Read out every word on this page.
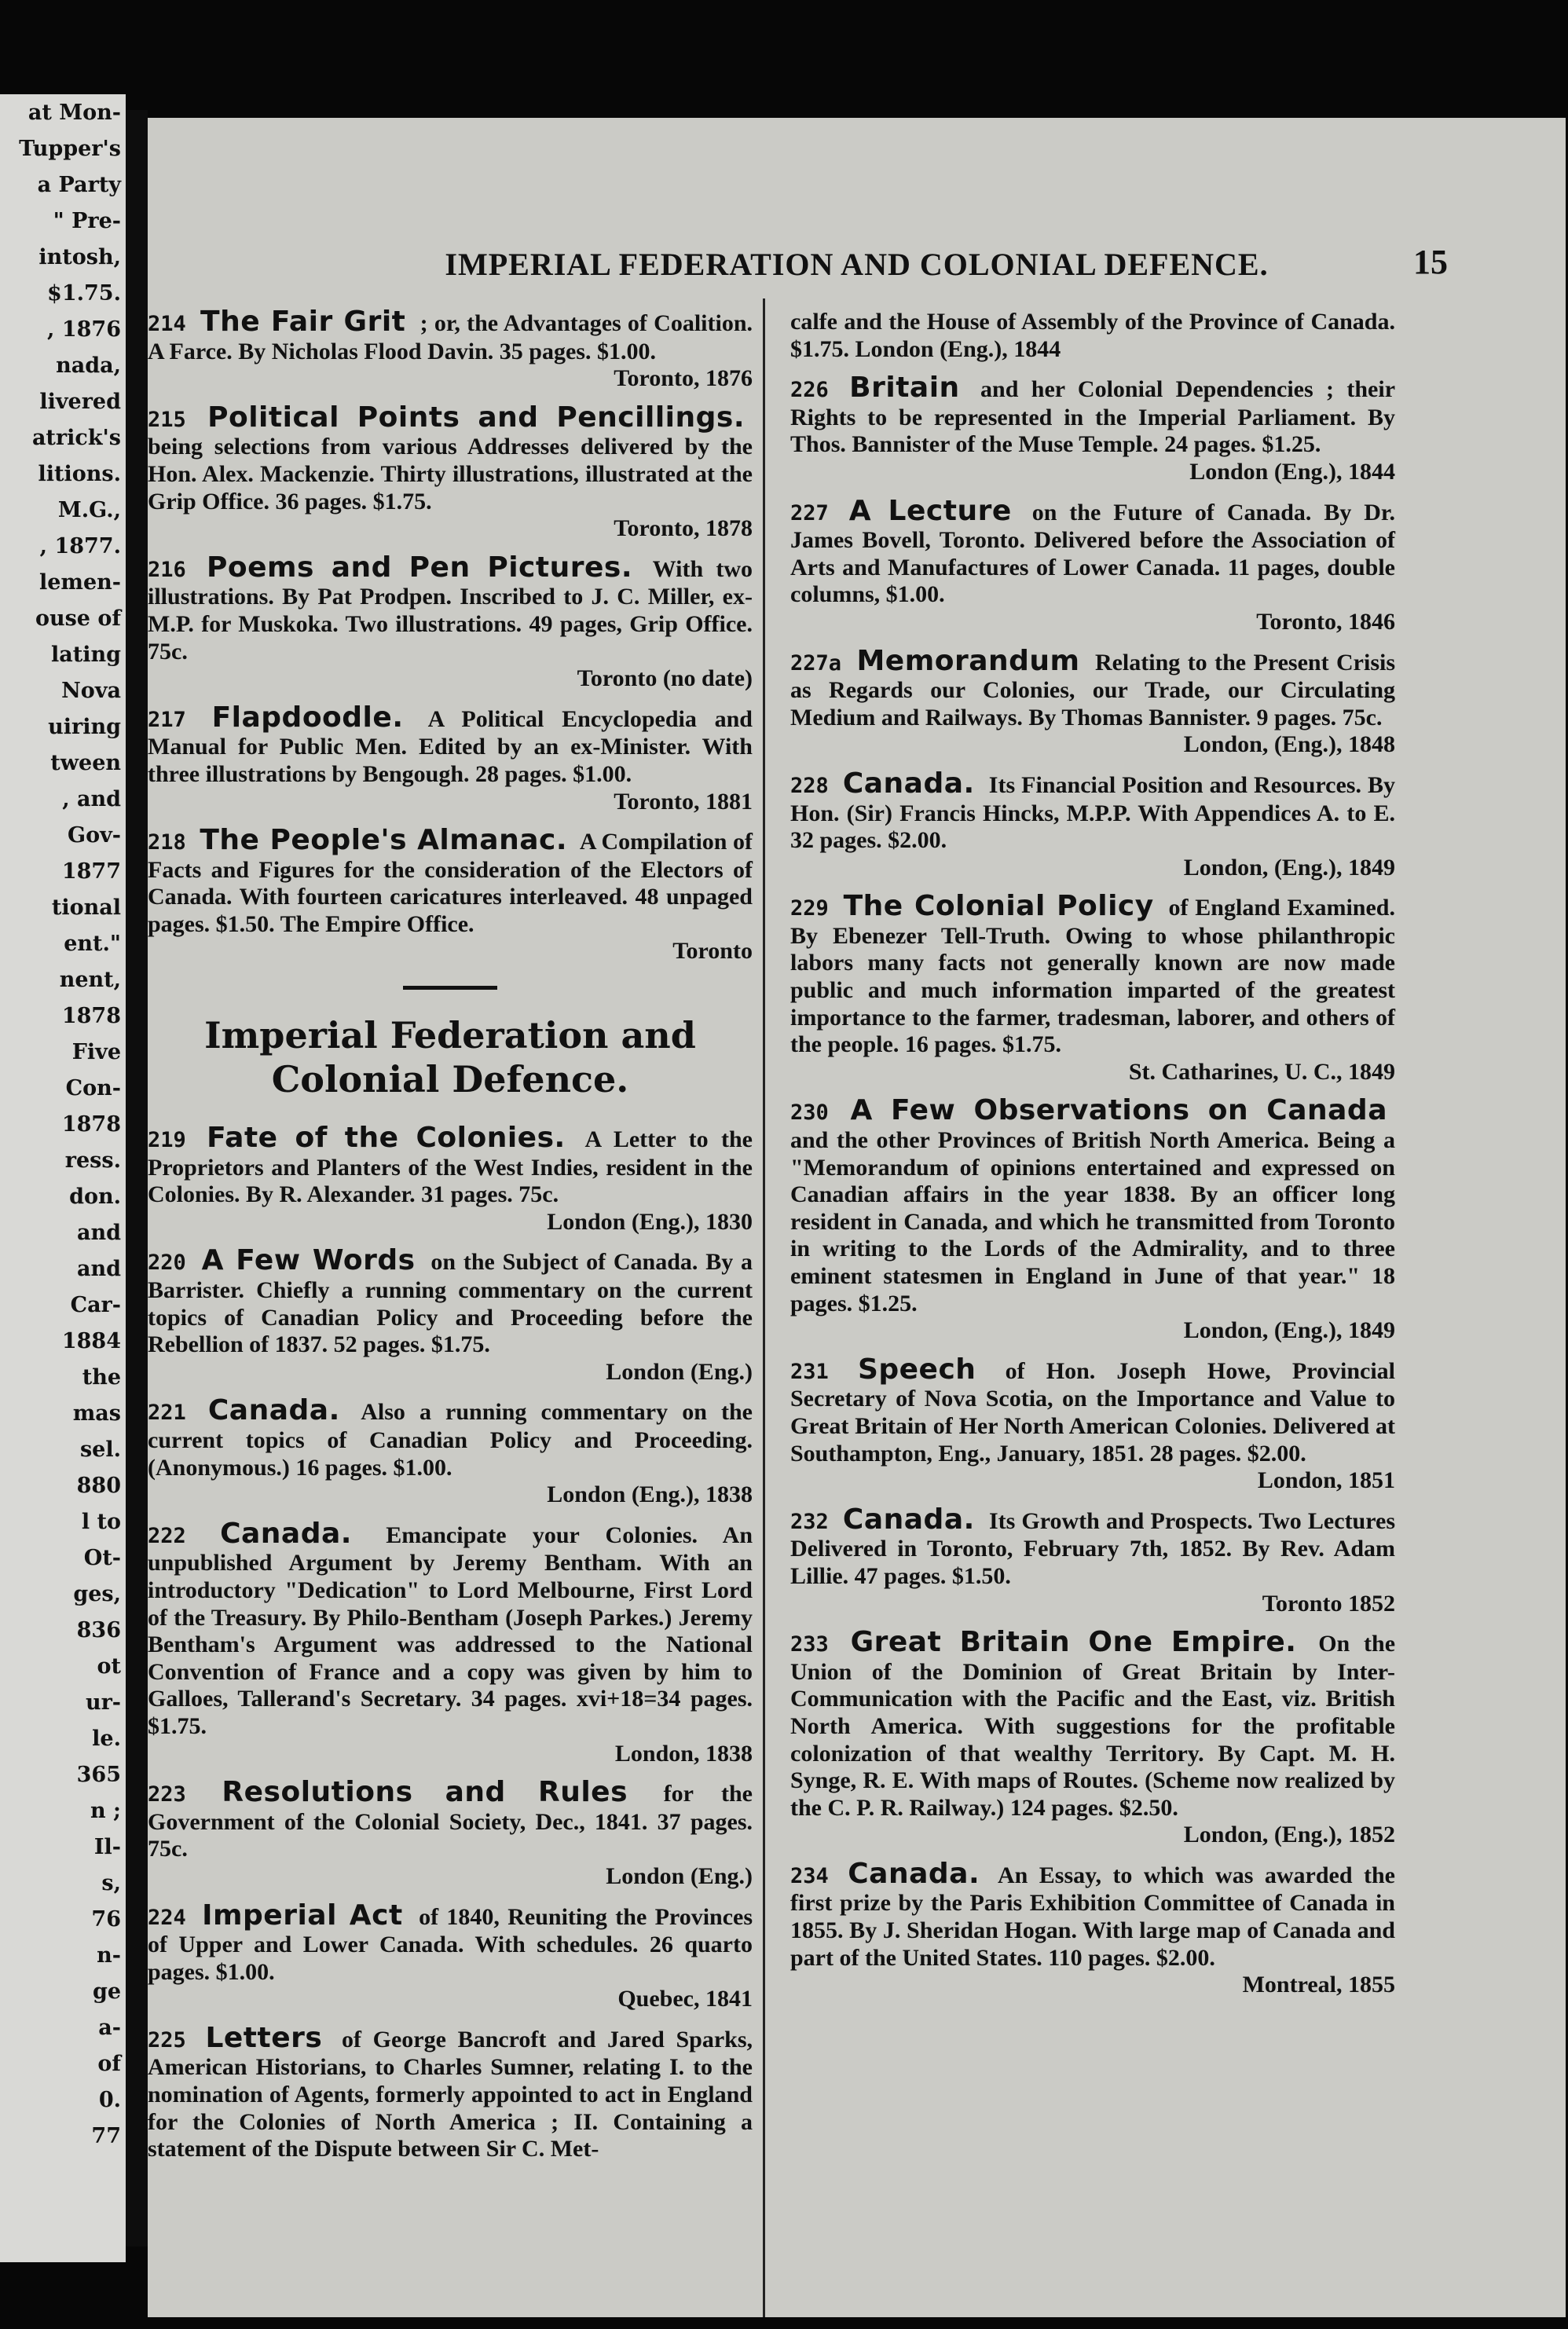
at Mon-
Tupper's
a Party
" Pre-
intosh,
$1.75.
, 1876
nada,
livered
atrick's
litions.
M.G.,
, 1877.
lemen-
ouse of
lating
Nova
uiring
tween
, and
Gov-
1877
tional
ent."
nent,
1878
Five
Con-
1878
ress.
don.
and
and
Car-
1884
the
mas
sel.
880
l to
Ot-
ges,
836
ot
ur-
le.
365
n ;
Il-
s,
76
n-
ge
a-
of
0.
77
IMPERIAL FEDERATION AND COLONIAL DEFENCE.	15
214 The Fair Grit ; or, the Advantages of Coalition. A Farce. By Nicholas Flood Davin. 35 pages. $1.00.
Toronto, 1876
215 Political Points and Pencillings. being selections from various Addresses delivered by the Hon. Alex. Mackenzie. Thirty illustrations, illustrated at the Grip Office. 36 pages. $1.75.
Toronto, 1878
216 Poems and Pen Pictures. With two illustrations. By Pat Prodpen. Inscribed to J. C. Miller, ex-M.P. for Muskoka. Two illustrations. 49 pages, Grip Office. 75c.
Toronto (no date)
217 Flapdoodle. A Political Encyclopedia and Manual for Public Men. Edited by an ex-Minister. With three illustrations by Bengough. 28 pages. $1.00.
Toronto, 1881
218 The People's Almanac. A Compilation of Facts and Figures for the consideration of the Electors of Canada. With fourteen caricatures interleaved. 48 unpaged pages. $1.50. The Empire Office.
Toronto
Imperial Federation and Colonial Defence.
219 Fate of the Colonies. A Letter to the Proprietors and Planters of the West Indies, resident in the Colonies. By R. Alexander. 31 pages. 75c.
London (Eng.), 1830
220 A Few Words on the Subject of Canada. By a Barrister. Chiefly a running commentary on the current topics of Canadian Policy and Proceeding before the Rebellion of 1837. 52 pages. $1.75.
London (Eng.)
221 Canada. Also a running commentary on the current topics of Canadian Policy and Proceeding. (Anonymous.) 16 pages. $1.00.
London (Eng.), 1838
222 Canada. Emancipate your Colonies. An unpublished Argument by Jeremy Bentham. With an introductory "Dedication" to Lord Melbourne, First Lord of the Treasury. By Philo-Bentham (Joseph Parkes.) Jeremy Bentham's Argument was addressed to the National Convention of France and a copy was given by him to Galloes, Tallerand's Secretary. 34 pages. xvi+18=34 pages. $1.75.
London, 1838
223 Resolutions and Rules for the Government of the Colonial Society, Dec., 1841. 37 pages. 75c.
London (Eng.)
224 Imperial Act of 1840, Reuniting the Provinces of Upper and Lower Canada. With schedules. 26 quarto pages. $1.00.
Quebec, 1841
225 Letters of George Bancroft and Jared Sparks, American Historians, to Charles Sumner, relating I. to the nomination of Agents, formerly appointed to act in England for the Colonies of North America ; II. Containing a statement of the Dispute between Sir C. Met-
calfe and the House of Assembly of the Province of Canada. $1.75. London (Eng.), 1844
226 Britain and her Colonial Dependencies ; their Rights to be represented in the Imperial Parliament. By Thos. Bannister of the Muse Temple. 24 pages. $1.25.
London (Eng.), 1844
227 A Lecture on the Future of Canada. By Dr. James Bovell, Toronto. Delivered before the Association of Arts and Manufactures of Lower Canada. 11 pages, double columns, $1.00.
Toronto, 1846
227a Memorandum Relating to the Present Crisis as Regards our Colonies, our Trade, our Circulating Medium and Railways. By Thomas Bannister. 9 pages. 75c.
London, (Eng.), 1848
228 Canada. Its Financial Position and Resources. By Hon. (Sir) Francis Hincks, M.P.P. With Appendices A. to E. 32 pages. $2.00.
London, (Eng.), 1849
229 The Colonial Policy of England Examined. By Ebenezer Tell-Truth. Owing to whose philanthropic labors many facts not generally known are now made public and much information imparted of the greatest importance to the farmer, tradesman, laborer, and others of the people. 16 pages. $1.75.
St. Catharines, U. C., 1849
230 A Few Observations on Canada and the other Provinces of British North America. Being a "Memorandum of opinions entertained and expressed on Canadian affairs in the year 1838. By an officer long resident in Canada, and which he transmitted from Toronto in writing to the Lords of the Admirality, and to three eminent statesmen in England in June of that year." 18 pages. $1.25.
London, (Eng.), 1849
231 Speech of Hon. Joseph Howe, Provincial Secretary of Nova Scotia, on the Importance and Value to Great Britain of Her North American Colonies. Delivered at Southampton, Eng., January, 1851. 28 pages. $2.00.
London, 1851
232 Canada. Its Growth and Prospects. Two Lectures Delivered in Toronto, February 7th, 1852. By Rev. Adam Lillie. 47 pages. $1.50.
Toronto 1852
233 Great Britain One Empire. On the Union of the Dominion of Great Britain by Inter-Communication with the Pacific and the East, viz. British North America. With suggestions for the profitable colonization of that wealthy Territory. By Capt. M. H. Synge, R. E. With maps of Routes. (Scheme now realized by the C. P. R. Railway.) 124 pages. $2.50.
London, (Eng.), 1852
234 Canada. An Essay, to which was awarded the first prize by the Paris Exhibition Committee of Canada in 1855. By J. Sheridan Hogan. With large map of Canada and part of the United States. 110 pages. $2.00.
Montreal, 1855
